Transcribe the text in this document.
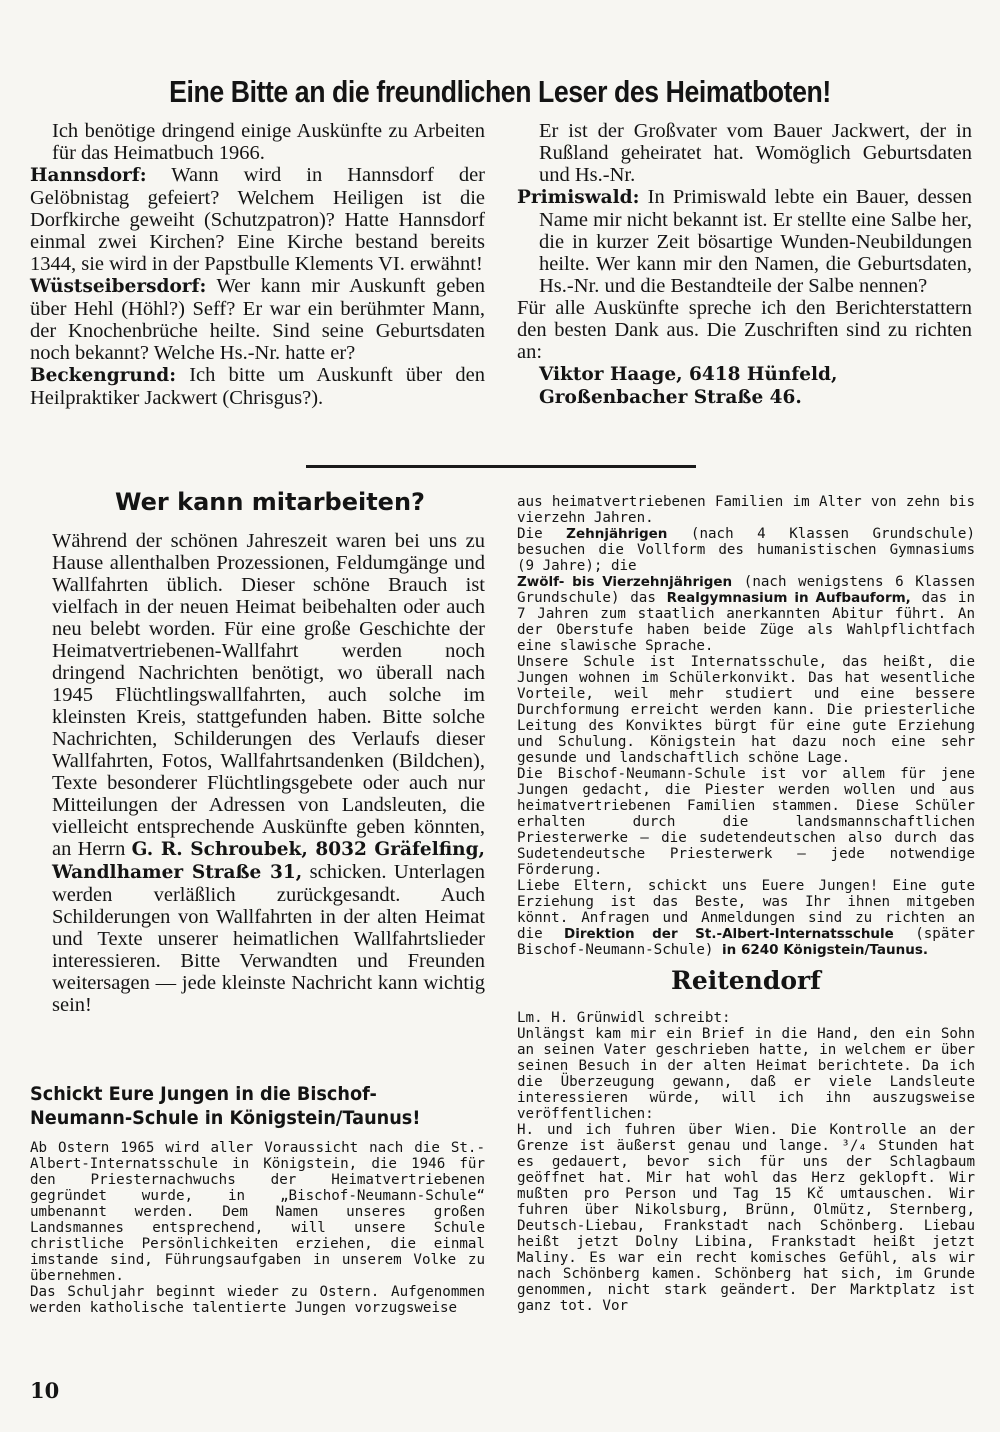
Eine Bitte an die freundlichen Leser des Heimatboten!

Ich benötige dringend einige Auskünfte zu Arbeiten für das Heimatbuch 1966.

Hannsdorf: Wann wird in Hannsdorf der Gelöbnistag gefeiert? Welchem Heiligen ist die Dorfkirche geweiht (Schutzpatron)? Hatte Hannsdorf einmal zwei Kirchen? Eine Kirche bestand bereits 1344, sie wird in der Papstbulle Klements VI. erwähnt!

Wüstseibersdorf: Wer kann mir Auskunft geben über Hehl (Höhl?) Seff? Er war ein berühmter Mann, der Knochenbrüche heilte. Sind seine Geburtsdaten noch bekannt? Welche Hs.-Nr. hatte er?

Beckengrund: Ich bitte um Auskunft über den Heilpraktiker Jackwert (Chrisgus?).

Er ist der Großvater vom Bauer Jackwert, der in Rußland geheiratet hat. Womöglich Geburtsdaten und Hs.-Nr.

Primiswald: In Primiswald lebte ein Bauer, dessen Name mir nicht bekannt ist. Er stellte eine Salbe her, die in kurzer Zeit bösartige Wunden-Neubildungen heilte. Wer kann mir den Namen, die Geburtsdaten, Hs.-Nr. und die Bestandteile der Salbe nennen?

Für alle Auskünfte spreche ich den Berichterstattern den besten Dank aus. Die Zuschriften sind zu richten an:

Viktor Haage, 6418 Hünfeld,
Großenbacher Straße 46.

Wer kann mitarbeiten?

Während der schönen Jahreszeit waren bei uns zu Hause allenthalben Prozessionen, Feldumgänge und Wallfahrten üblich. Dieser schöne Brauch ist vielfach in der neuen Heimat beibehalten oder auch neu belebt worden. Für eine große Geschichte der Heimatvertriebenen-Wallfahrt werden noch dringend Nachrichten benötigt, wo überall nach 1945 Flüchtlingswallfahrten, auch solche im kleinsten Kreis, stattgefunden haben. Bitte solche Nachrichten, Schilderungen des Verlaufs dieser Wallfahrten, Fotos, Wallfahrtsandenken (Bildchen), Texte besonderer Flüchtlingsgebete oder auch nur Mitteilungen der Adressen von Landsleuten, die vielleicht entsprechende Auskünfte geben könnten, an Herrn G. R. Schroubek, 8032 Gräfelfing, Wandlhamer Straße 31, schicken. Unterlagen werden verläßlich zurückgesandt. Auch Schilderungen von Wallfahrten in der alten Heimat und Texte unserer heimatlichen Wallfahrtslieder interessieren. Bitte Verwandten und Freunden weitersagen — jede kleinste Nachricht kann wichtig sein!

Schickt Eure Jungen in die Bischof-Neumann-Schule in Königstein/Taunus!

Ab Ostern 1965 wird aller Voraussicht nach die St.-Albert-Internatsschule in Königstein, die 1946 für den Priesternachwuchs der Heimatvertriebenen gegründet wurde, in „Bischof-Neumann-Schule“ umbenannt werden. Dem Namen unseres großen Landsmannes entsprechend, will unsere Schule christliche Persönlichkeiten erziehen, die einmal imstande sind, Führungsaufgaben in unserem Volke zu übernehmen.

Das Schuljahr beginnt wieder zu Ostern. Aufgenommen werden katholische talentierte Jungen vorzugsweise

10

aus heimatvertriebenen Familien im Alter von zehn bis vierzehn Jahren.

Die Zehnjährigen (nach 4 Klassen Grundschule) besuchen die Vollform des humanistischen Gymnasiums (9 Jahre); die

Zwölf- bis Vierzehnjährigen (nach wenigstens 6 Klassen Grundschule) das Realgymnasium in Aufbauform, das in 7 Jahren zum staatlich anerkannten Abitur führt. An der Oberstufe haben beide Züge als Wahlpflichtfach eine slawische Sprache.

Unsere Schule ist Internatsschule, das heißt, die Jungen wohnen im Schülerkonvikt. Das hat wesentliche Vorteile, weil mehr studiert und eine bessere Durchformung erreicht werden kann. Die priesterliche Leitung des Konviktes bürgt für eine gute Erziehung und Schulung. Königstein hat dazu noch eine sehr gesunde und landschaftlich schöne Lage.

Die Bischof-Neumann-Schule ist vor allem für jene Jungen gedacht, die Piester werden wollen und aus heimatvertriebenen Familien stammen. Diese Schüler erhalten durch die landsmannschaftlichen Priesterwerke — die sudetendeutschen also durch das Sudetendeutsche Priesterwerk — jede notwendige Förderung.

Liebe Eltern, schickt uns Euere Jungen! Eine gute Erziehung ist das Beste, was Ihr ihnen mitgeben könnt. Anfragen und Anmeldungen sind zu richten an die Direktion der St.-Albert-Internatsschule (später Bischof-Neumann-Schule) in 6240 Königstein/Taunus.

Reitendorf

Lm. H. Grünwidl schreibt:

Unlängst kam mir ein Brief in die Hand, den ein Sohn an seinen Vater geschrieben hatte, in welchem er über seinen Besuch in der alten Heimat berichtete. Da ich die Überzeugung gewann, daß er viele Landsleute interessieren würde, will ich ihn auszugsweise veröffentlichen:

H. und ich fuhren über Wien. Die Kontrolle an der Grenze ist äußerst genau und lange. ³/₄ Stunden hat es gedauert, bevor sich für uns der Schlagbaum geöffnet hat. Mir hat wohl das Herz geklopft. Wir mußten pro Person und Tag 15 Kč umtauschen. Wir fuhren über Nikolsburg, Brünn, Olmütz, Sternberg, Deutsch-Liebau, Frankstadt nach Schönberg. Liebau heißt jetzt Dolny Libina, Frankstadt heißt jetzt Maliny. Es war ein recht komisches Gefühl, als wir nach Schönberg kamen. Schönberg hat sich, im Grunde genommen, nicht stark geändert. Der Marktplatz ist ganz tot. Vor
